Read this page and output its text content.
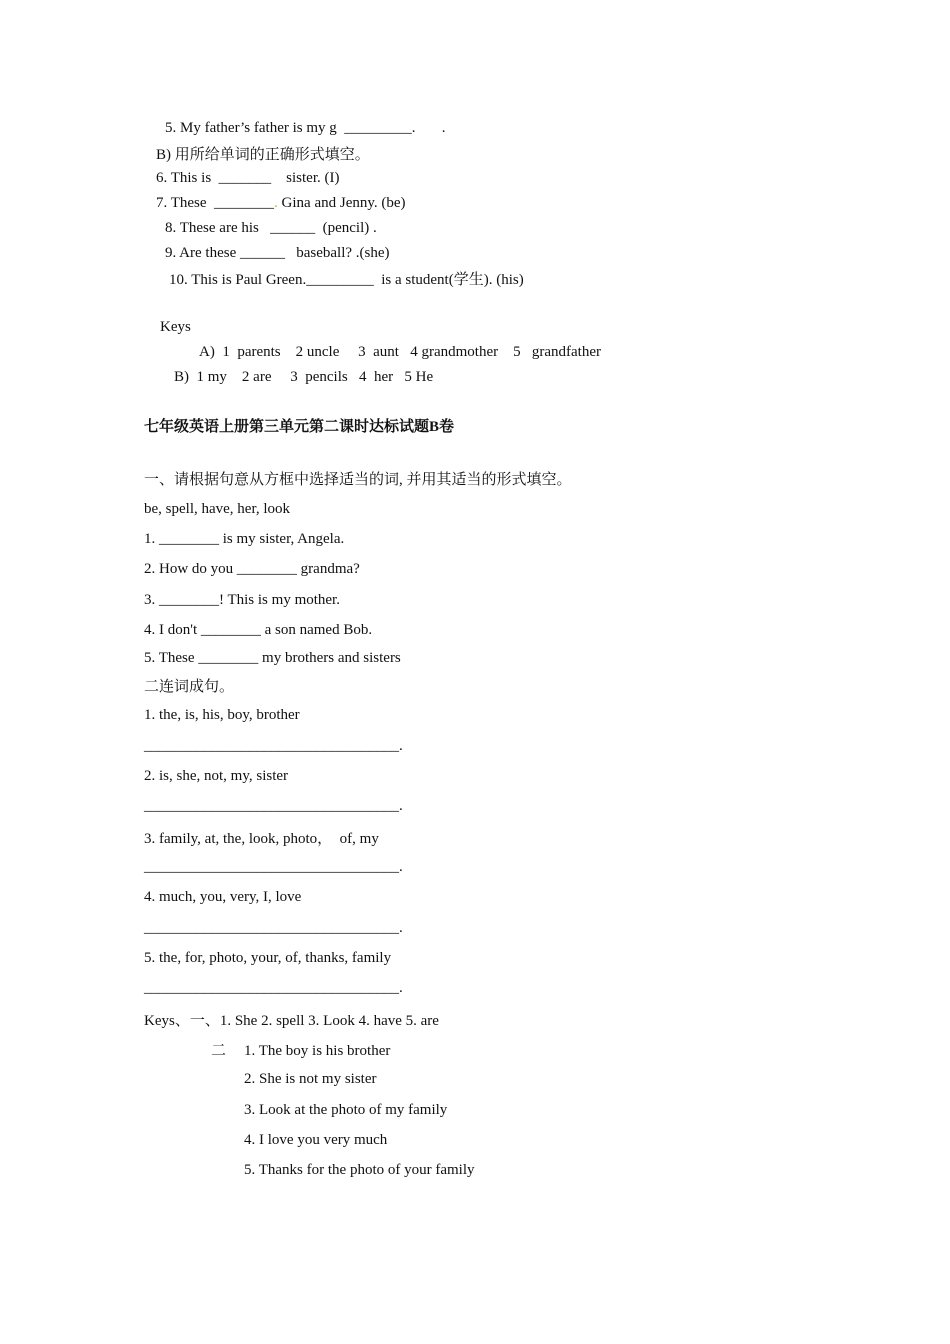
5. My father’s father is my g  _________.       .
B) 用所给单词的正确形式填空。
6. This is  _______    sister. (I)
7. These  ________. Gina and Jenny. (be)
8. These are his   ______  (pencil) .
9. Are these ______   baseball? .(she)
10. This is Paul Green._________  is a student(学生). (his)
Keys
A)  1  parents    2 uncle     3  aunt   4 grandmother    5   grandfather
B)  1 my    2 are     3  pencils   4  her   5 He
七年级英语上册第三单元第二课时达标试题B卷
一、请根据句意从方框中选择适当的词, 并用其适当的形式填空。
be, spell, have, her, look
1. ________ is my sister, Angela.
2. How do you ________ grandma?
3. ________! This is my mother.
4. I don't ________ a son named Bob.
5. These ________ my brothers and sisters
二连词成句。
1. the, is, his, boy, brother
__________________________________.
2. is, she, not, my, sister
__________________________________.
3. family, at, the, look, photo，  of, my
__________________________________.
4. much, you, very, I, love
__________________________________.
5. the, for, photo, your, of, thanks, family
__________________________________.
Keys、一、1. She 2. spell 3. Look 4. have 5. are
二 1. The boy is his brother
2. She is not my sister
3. Look at the photo of my family
4. I love you very much
5. Thanks for the photo of your family
